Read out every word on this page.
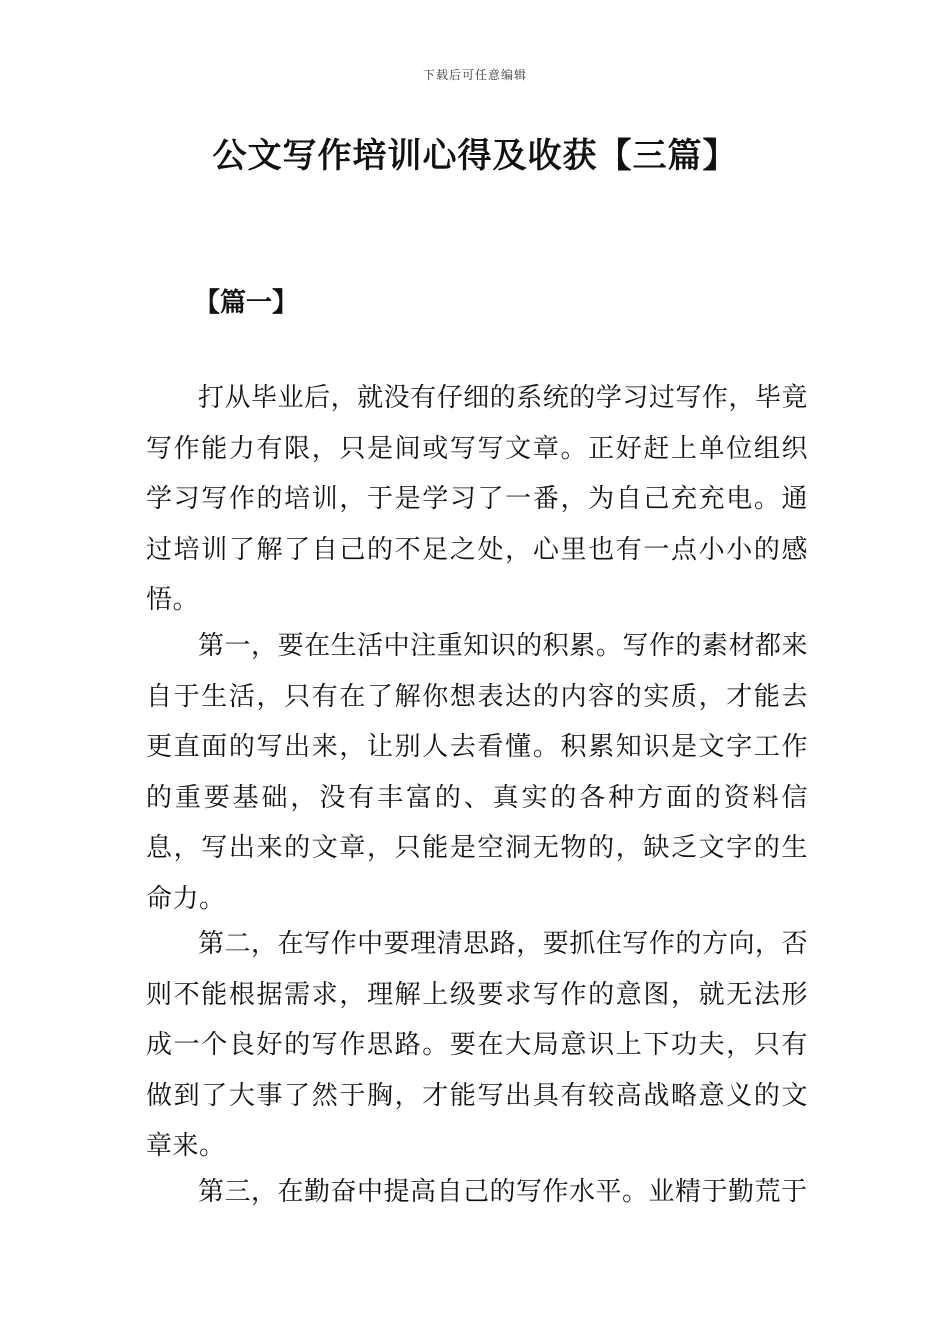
下载后可任意编辑
公文写作培训心得及收获【三篇】
【篇一】

打从毕业后，就没有仔细的系统的学习过写作，毕竟写作能力有限，只是间或写写文章。正好赶上单位组织学习写作的培训，于是学习了一番，为自己充充电。通过培训了解了自己的不足之处，心里也有一点小小的感悟。

第一，要在生活中注重知识的积累。写作的素材都来自于生活，只有在了解你想表达的内容的实质，才能去更直面的写出来，让别人去看懂。积累知识是文字工作的重要基础，没有丰富的、真实的各种方面的资料信息，写出来的文章，只能是空洞无物的，缺乏文字的生命力。

第二，在写作中要理清思路，要抓住写作的方向，否则不能根据需求，理解上级要求写作的意图，就无法形成一个良好的写作思路。要在大局意识上下功夫，只有做到了大事了然于胸，才能写出具有较高战略意义的文章来。

第三，在勤奋中提高自己的写作水平。业精于勤荒于
